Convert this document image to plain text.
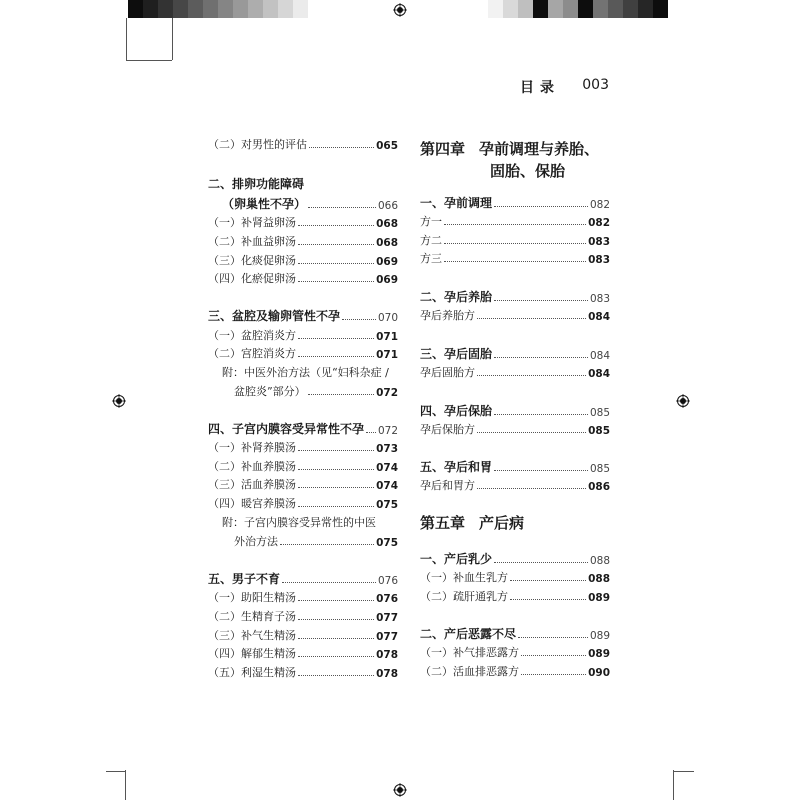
目录 003
（二） 对男性的评估	065
二、排卵功能障碍
（卵巢性不孕）	066
（一） 补肾益卵汤	068
（二） 补血益卵汤	068
（三） 化痰促卵汤	069
（四） 化瘀促卵汤	069
三、盆腔及输卵管性不孕	070
（一） 盆腔消炎方	071
（二） 宫腔消炎方	071
附：中医外治方法（见“妇科杂症 /
盆腔炎”部分）	072
四、子宫内膜容受异常性不孕 072
（一） 补肾养膜汤	073
（二） 补血养膜汤	074
（三） 活血养膜汤	074
（四） 暖宫养膜汤	075
附：子宫内膜容受异常性的中医
外治方法	075
五、男子不育	076
（一） 助阳生精汤	076
（二） 生精育子汤	077
（三） 补气生精汤	077
（四） 解郁生精汤	078
（五） 利湿生精汤	078
第四章 孕前调理与养胎、
固胎、保胎
第五章 产后病
一、孕前调理	082
方一	082
方二	083
方三	083
二、孕后养胎	083
孕后养胎方	084
三、孕后固胎	084
孕后固胎方	084
四、孕后保胎	085
孕后保胎方	085
五、孕后和胃	085
孕后和胃方	086
一、产后乳少	088
（一） 补血生乳方	088
（二） 疏肝通乳方	089
二、产后恶露不尽	089
（一） 补气排恶露方	089
（二） 活血排恶露方	090
